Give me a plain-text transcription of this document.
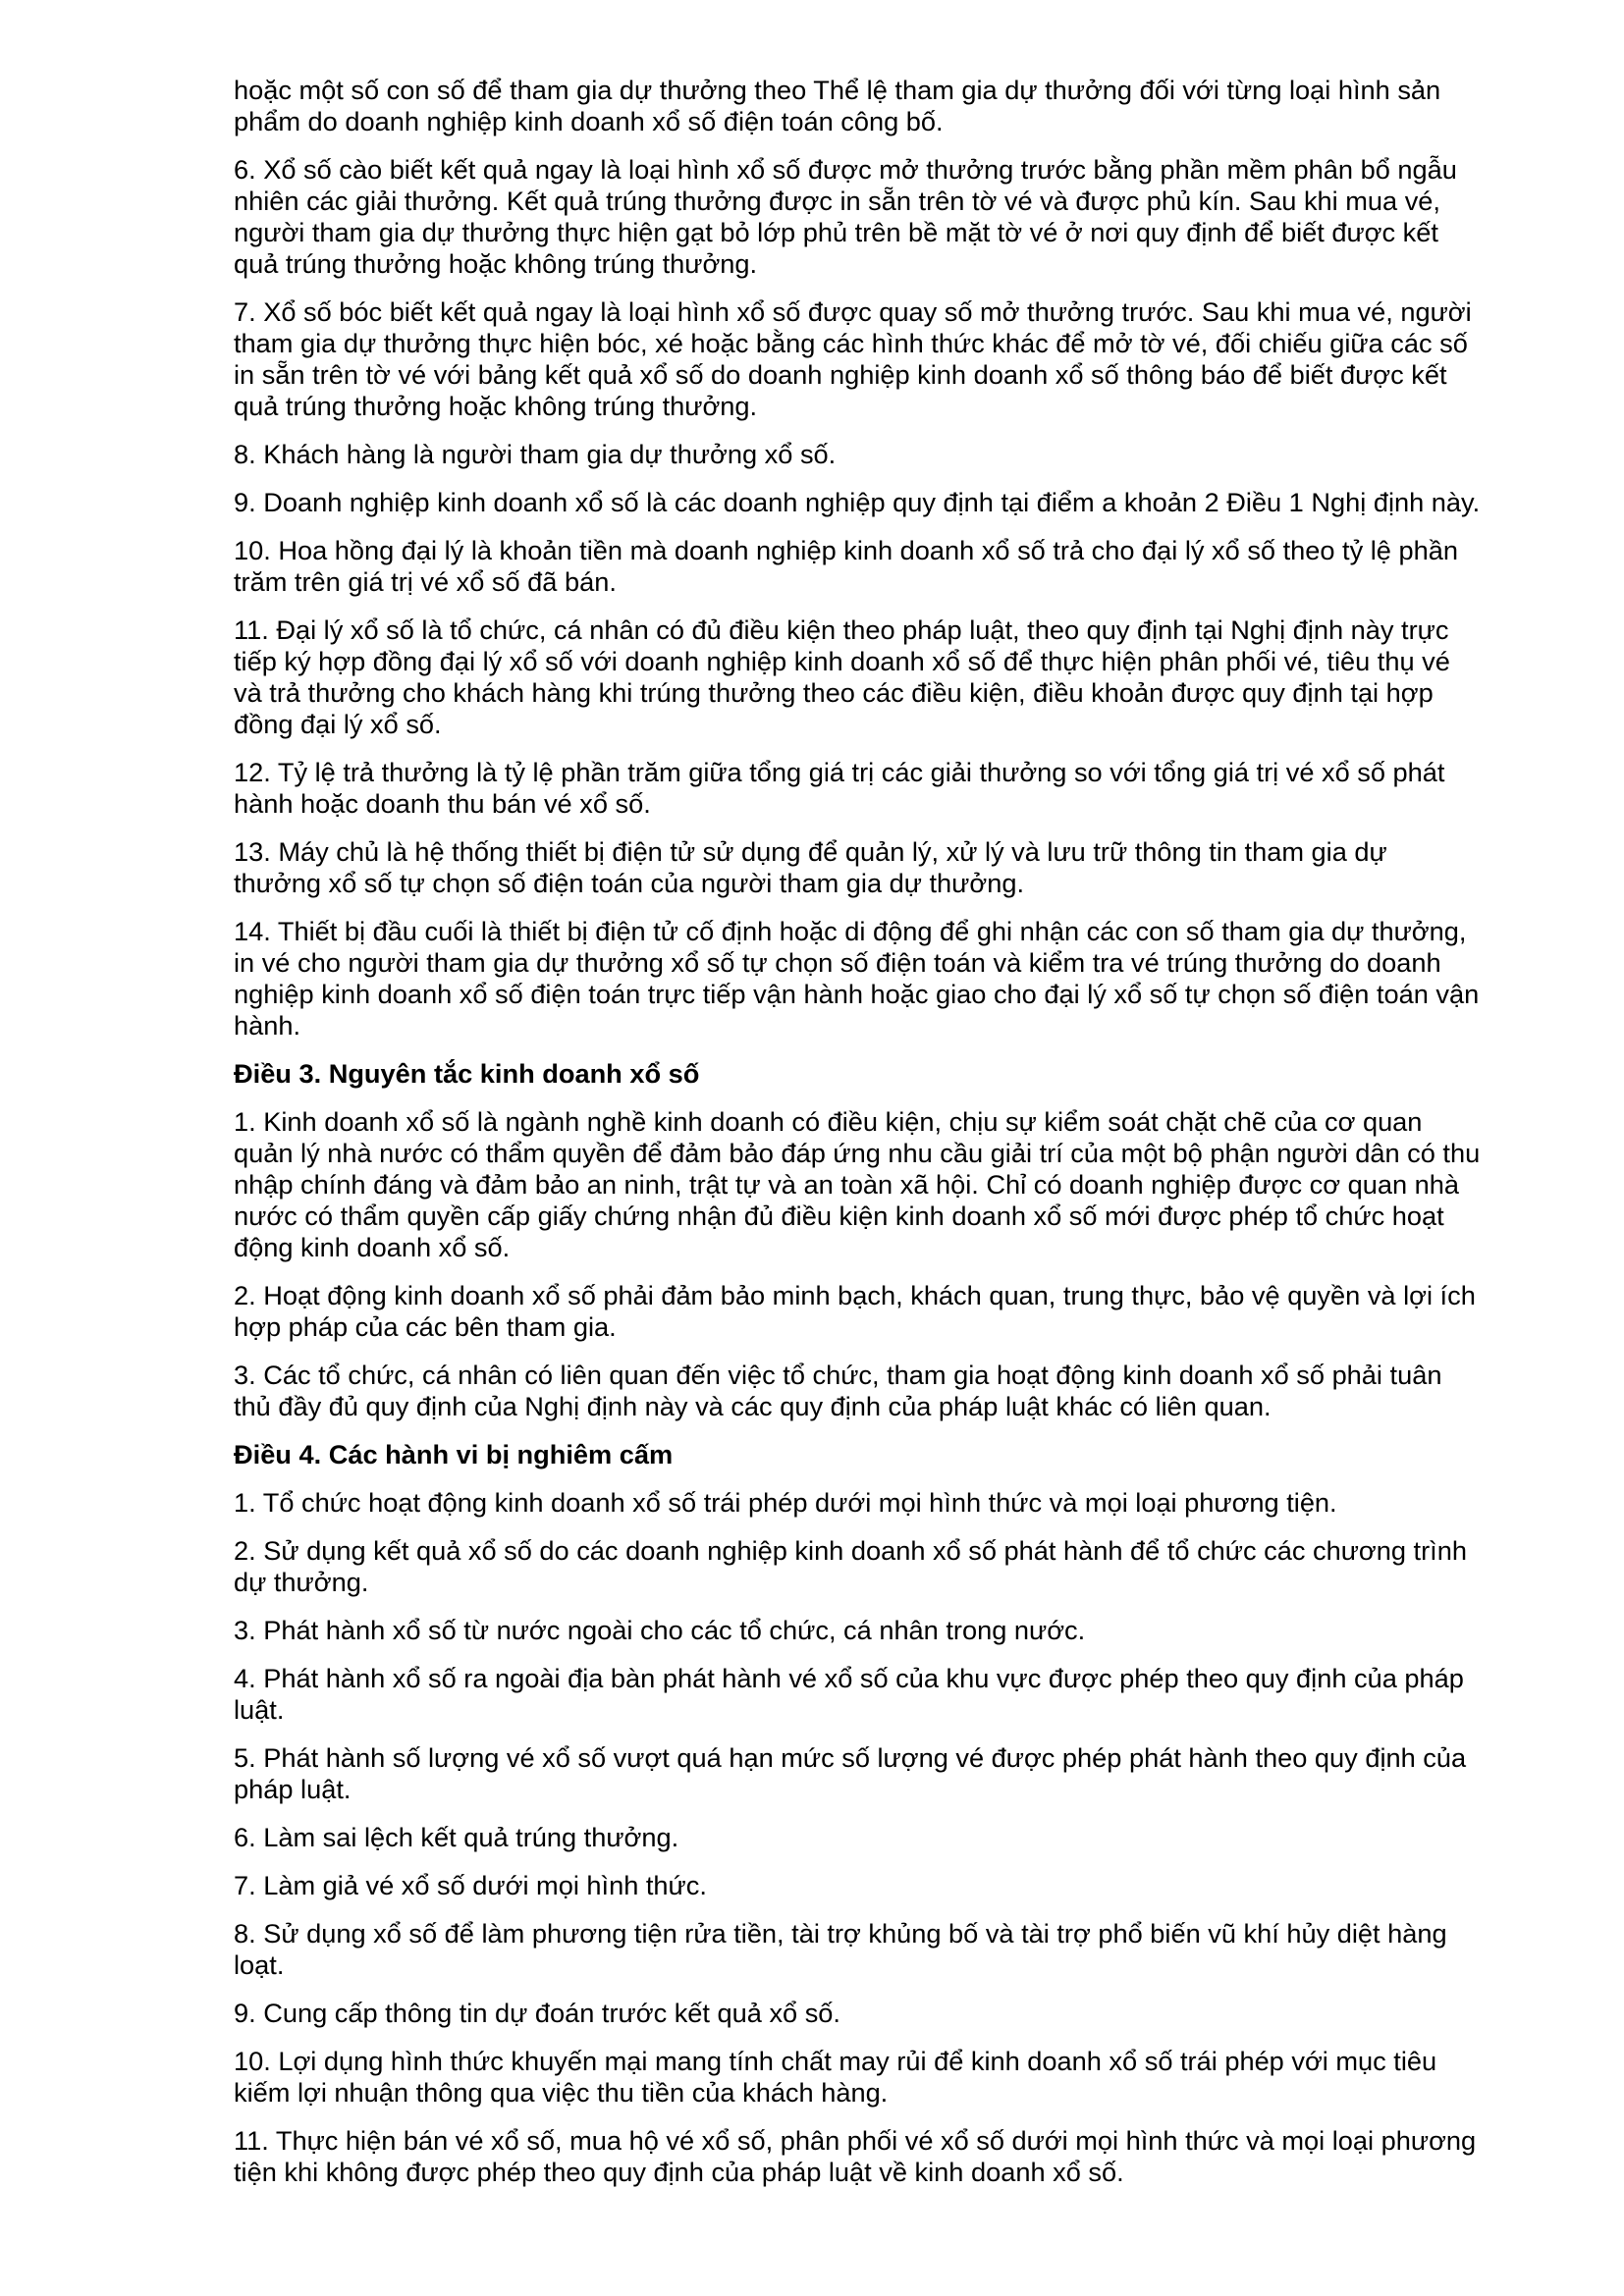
hoặc một số con số để tham gia dự thưởng theo Thể lệ tham gia dự thưởng đối với từng loại hình sản phẩm do doanh nghiệp kinh doanh xổ số điện toán công bố.

6. Xổ số cào biết kết quả ngay là loại hình xổ số được mở thưởng trước bằng phần mềm phân bổ ngẫu nhiên các giải thưởng. Kết quả trúng thưởng được in sẵn trên tờ vé và được phủ kín. Sau khi mua vé, người tham gia dự thưởng thực hiện gạt bỏ lớp phủ trên bề mặt tờ vé ở nơi quy định để biết được kết quả trúng thưởng hoặc không trúng thưởng.

7. Xổ số bóc biết kết quả ngay là loại hình xổ số được quay số mở thưởng trước. Sau khi mua vé, người tham gia dự thưởng thực hiện bóc, xé hoặc bằng các hình thức khác để mở tờ vé, đối chiếu giữa các số in sẵn trên tờ vé với bảng kết quả xổ số do doanh nghiệp kinh doanh xổ số thông báo để biết được kết quả trúng thưởng hoặc không trúng thưởng.

8. Khách hàng là người tham gia dự thưởng xổ số.

9. Doanh nghiệp kinh doanh xổ số là các doanh nghiệp quy định tại điểm a khoản 2 Điều 1 Nghị định này.

10. Hoa hồng đại lý là khoản tiền mà doanh nghiệp kinh doanh xổ số trả cho đại lý xổ số theo tỷ lệ phần trăm trên giá trị vé xổ số đã bán.

11. Đại lý xổ số là tổ chức, cá nhân có đủ điều kiện theo pháp luật, theo quy định tại Nghị định này trực tiếp ký hợp đồng đại lý xổ số với doanh nghiệp kinh doanh xổ số để thực hiện phân phối vé, tiêu thụ vé và trả thưởng cho khách hàng khi trúng thưởng theo các điều kiện, điều khoản được quy định tại hợp đồng đại lý xổ số.

12. Tỷ lệ trả thưởng là tỷ lệ phần trăm giữa tổng giá trị các giải thưởng so với tổng giá trị vé xổ số phát hành hoặc doanh thu bán vé xổ số.

13. Máy chủ là hệ thống thiết bị điện tử sử dụng để quản lý, xử lý và lưu trữ thông tin tham gia dự thưởng xổ số tự chọn số điện toán của người tham gia dự thưởng.

14. Thiết bị đầu cuối là thiết bị điện tử cố định hoặc di động để ghi nhận các con số tham gia dự thưởng, in vé cho người tham gia dự thưởng xổ số tự chọn số điện toán và kiểm tra vé trúng thưởng do doanh nghiệp kinh doanh xổ số điện toán trực tiếp vận hành hoặc giao cho đại lý xổ số tự chọn số điện toán vận hành.

Điều 3. Nguyên tắc kinh doanh xổ số

1. Kinh doanh xổ số là ngành nghề kinh doanh có điều kiện, chịu sự kiểm soát chặt chẽ của cơ quan quản lý nhà nước có thẩm quyền để đảm bảo đáp ứng nhu cầu giải trí của một bộ phận người dân có thu nhập chính đáng và đảm bảo an ninh, trật tự và an toàn xã hội. Chỉ có doanh nghiệp được cơ quan nhà nước có thẩm quyền cấp giấy chứng nhận đủ điều kiện kinh doanh xổ số mới được phép tổ chức hoạt động kinh doanh xổ số.

2. Hoạt động kinh doanh xổ số phải đảm bảo minh bạch, khách quan, trung thực, bảo vệ quyền và lợi ích hợp pháp của các bên tham gia.

3. Các tổ chức, cá nhân có liên quan đến việc tổ chức, tham gia hoạt động kinh doanh xổ số phải tuân thủ đầy đủ quy định của Nghị định này và các quy định của pháp luật khác có liên quan.

Điều 4. Các hành vi bị nghiêm cấm

1. Tổ chức hoạt động kinh doanh xổ số trái phép dưới mọi hình thức và mọi loại phương tiện.

2. Sử dụng kết quả xổ số do các doanh nghiệp kinh doanh xổ số phát hành để tổ chức các chương trình dự thưởng.

3. Phát hành xổ số từ nước ngoài cho các tổ chức, cá nhân trong nước.

4. Phát hành xổ số ra ngoài địa bàn phát hành vé xổ số của khu vực được phép theo quy định của pháp luật.

5. Phát hành số lượng vé xổ số vượt quá hạn mức số lượng vé được phép phát hành theo quy định của pháp luật.

6. Làm sai lệch kết quả trúng thưởng.

7. Làm giả vé xổ số dưới mọi hình thức.

8. Sử dụng xổ số để làm phương tiện rửa tiền, tài trợ khủng bố và tài trợ phổ biến vũ khí hủy diệt hàng loạt.

9. Cung cấp thông tin dự đoán trước kết quả xổ số.

10. Lợi dụng hình thức khuyến mại mang tính chất may rủi để kinh doanh xổ số trái phép với mục tiêu kiếm lợi nhuận thông qua việc thu tiền của khách hàng.

11. Thực hiện bán vé xổ số, mua hộ vé xổ số, phân phối vé xổ số dưới mọi hình thức và mọi loại phương tiện khi không được phép theo quy định của pháp luật về kinh doanh xổ số.
